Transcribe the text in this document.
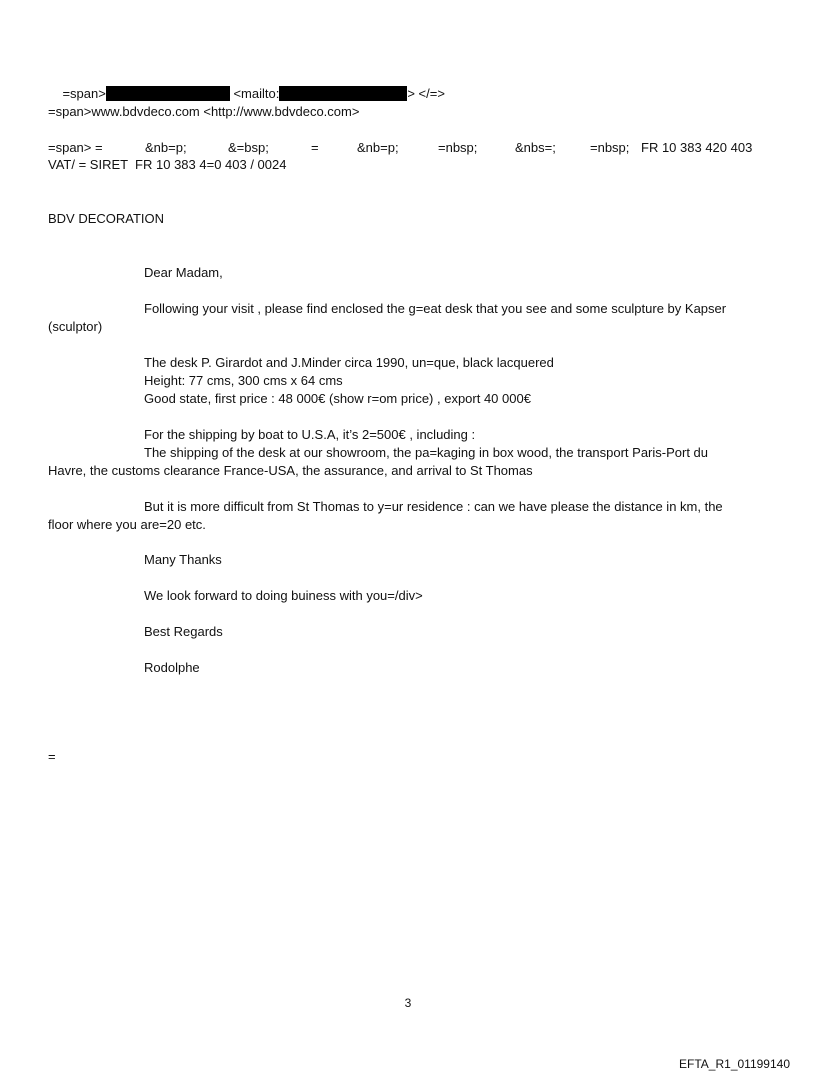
=span>	<mailto:	> </=>

=span>www.bdvdeco.com <http://www.bdvdeco.com>
=span> =	&nb=p;	&=bsp;	=	&nb=p;	=nbsp;	&nbs=;	=nbsp; FR 10 383 420 403
VAT/ = SIRET  FR 10 383 4=0 403 / 0024
BDV DECORATION
Dear Madam,
Following your visit , please find enclosed the g=eat desk that you see and some sculpture by Kapser
(sculptor)
The desk P. Girardot and J.Minder circa 1990, un=que, black lacquered
Height: 77 cms, 300 cms x 64 cms
Good state, first price : 48 000€ (show r=om price) , export 40 000€
For the shipping by boat to U.S.A, it’s 2=500€ , including :
The shipping of the desk at our showroom, the pa=kaging in box wood, the transport Paris-Port du
Havre, the customs clearance France-USA, the assurance, and arrival to St Thomas
But it is more difficult from St Thomas to y=ur residence : can we have please the distance in km, the
floor where you are=20 etc.
Many Thanks
We look forward to doing buiness with you=/div>
Best Regards
Rodolphe
=
3
EFTA_R1_01199140
